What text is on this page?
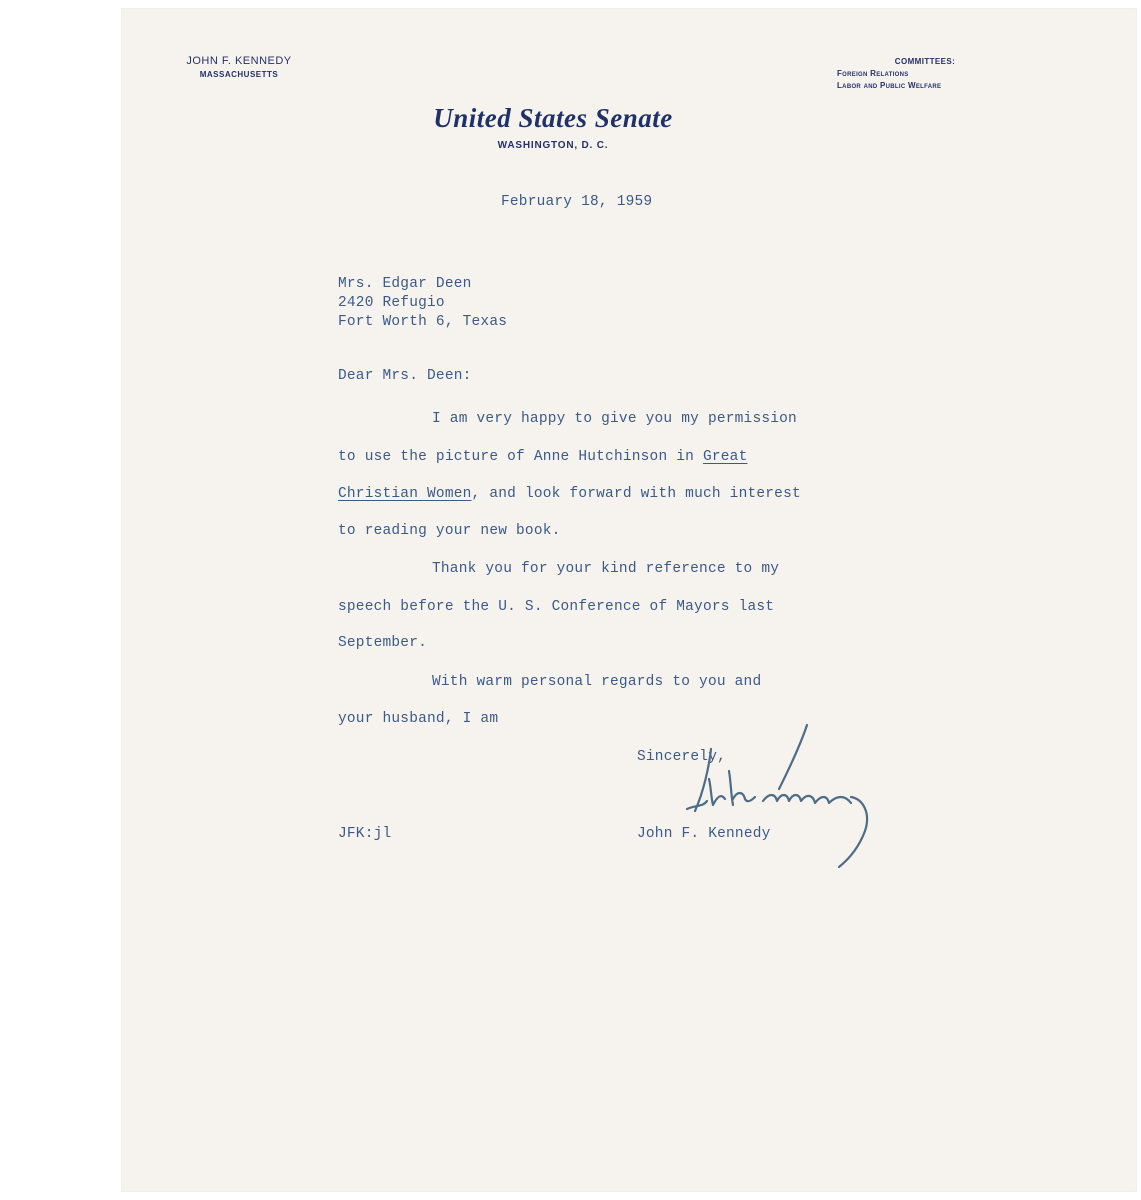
JOHN F. KENNEDY
MASSACHUSETTS
COMMITTEES:
Foreign Relations
Labor and Public Welfare
United States Senate
WASHINGTON, D. C.
February 18, 1959
Mrs. Edgar Deen
2420 Refugio
Fort Worth 6, Texas
Dear Mrs. Deen:
I am very happy to give you my permission
to use the picture of Anne Hutchinson in Great
Christian Women, and look forward with much interest
to reading your new book.
Thank you for your kind reference to my
speech before the U. S. Conference of Mayors last
September.
With warm personal regards to you and
your husband, I am
Sincerely,
JFK:jl	John F. Kennedy
